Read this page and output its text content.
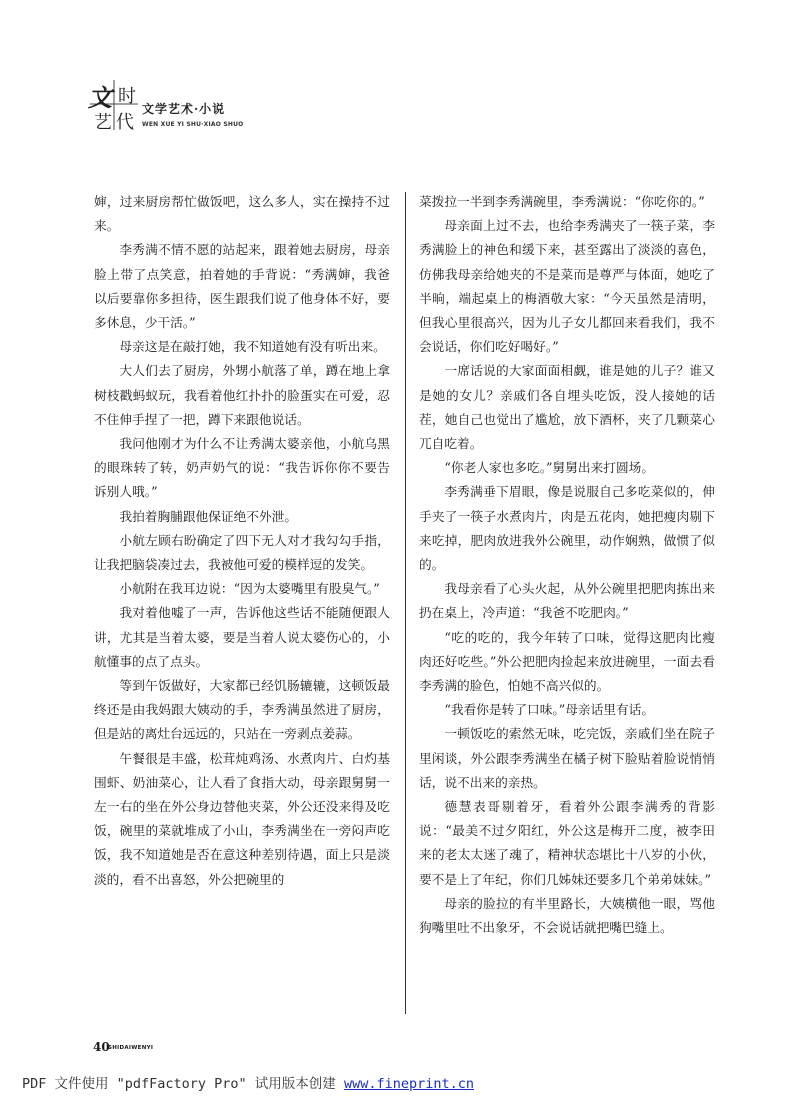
文 时
艺 代
文学艺术·小说
WEN XUE YI SHU·XIAO SHUO

婶，过来厨房帮忙做饭吧，这么多人，实在操持不过来。

李秀满不情不愿的站起来，跟着她去厨房，母亲脸上带了点笑意，拍着她的手背说：“秀满婶，我爸以后要靠你多担待，医生跟我们说了他身体不好，要多休息，少干活。”

母亲这是在敲打她，我不知道她有没有听出来。

大人们去了厨房，外甥小航落了单，蹲在地上拿树枝戳蚂蚁玩，我看着他红扑扑的脸蛋实在可爱，忍不住伸手捏了一把，蹲下来跟他说话。

我问他刚才为什么不让秀满太婆亲他，小航乌黑的眼珠转了转，奶声奶气的说：“我告诉你你不要告诉别人哦。”

我拍着胸脯跟他保证绝不外泄。

小航左顾右盼确定了四下无人对才我勾勾手指，让我把脑袋凑过去，我被他可爱的模样逗的发笑。

小航附在我耳边说：“因为太婆嘴里有股臭气。”

我对着他嘘了一声，告诉他这些话不能随便跟人讲，尤其是当着太婆，要是当着人说太婆伤心的，小航懂事的点了点头。

等到午饭做好，大家都已经饥肠辘辘，这顿饭最终还是由我妈跟大姨动的手，李秀满虽然进了厨房，但是站的离灶台远远的，只站在一旁剥点姜蒜。

午餐很是丰盛，松茸炖鸡汤、水煮肉片、白灼基围虾、奶油菜心，让人看了食指大动，母亲跟舅舅一左一右的坐在外公身边替他夹菜，外公还没来得及吃饭，碗里的菜就堆成了小山，李秀满坐在一旁闷声吃饭，我不知道她是否在意这种差别待遇，面上只是淡淡的，看不出喜怒，外公把碗里的

菜拨拉一半到李秀满碗里，李秀满说：“你吃你的。”

母亲面上过不去，也给李秀满夹了一筷子菜，李秀满脸上的神色和缓下来，甚至露出了淡淡的喜色，仿佛我母亲给她夹的不是菜而是尊严与体面，她吃了半晌，端起桌上的梅酒敬大家：“今天虽然是清明，但我心里很高兴，因为儿子女儿都回来看我们，我不会说话，你们吃好喝好。”

一席话说的大家面面相觑，谁是她的儿子？谁又是她的女儿？亲戚们各自埋头吃饭，没人接她的话茬，她自己也觉出了尴尬，放下酒杯，夹了几颗菜心兀自吃着。

“你老人家也多吃。”舅舅出来打圆场。

李秀满垂下眉眼，像是说服自己多吃菜似的，伸手夹了一筷子水煮肉片，肉是五花肉，她把瘦肉剔下来吃掉，肥肉放进我外公碗里，动作娴熟，做惯了似的。

我母亲看了心头火起，从外公碗里把肥肉拣出来扔在桌上，冷声道：“我爸不吃肥肉。”

“吃的吃的，我今年转了口味，觉得这肥肉比瘦肉还好吃些。”外公把肥肉捡起来放进碗里，一面去看李秀满的脸色，怕她不高兴似的。

“我看你是转了口味。”母亲话里有话。

一顿饭吃的索然无味，吃完饭，亲戚们坐在院子里闲谈，外公跟李秀满坐在橘子树下脸贴着脸说悄悄话，说不出来的亲热。

德慧表哥剔着牙，看着外公跟李满秀的背影说：“最美不过夕阳红，外公这是梅开二度，被李田来的老太太迷了魂了，精神状态堪比十八岁的小伙，要不是上了年纪，你们几姊妹还要多几个弟弟妹妹。”

母亲的脸拉的有半里路长，大姨横他一眼，骂他狗嘴里吐不出象牙，不会说话就把嘴巴缝上。

40
SHIDAIWENYI
PDF 文件使用 "pdfFactory Pro" 试用版本创建 www.fineprint.cn
